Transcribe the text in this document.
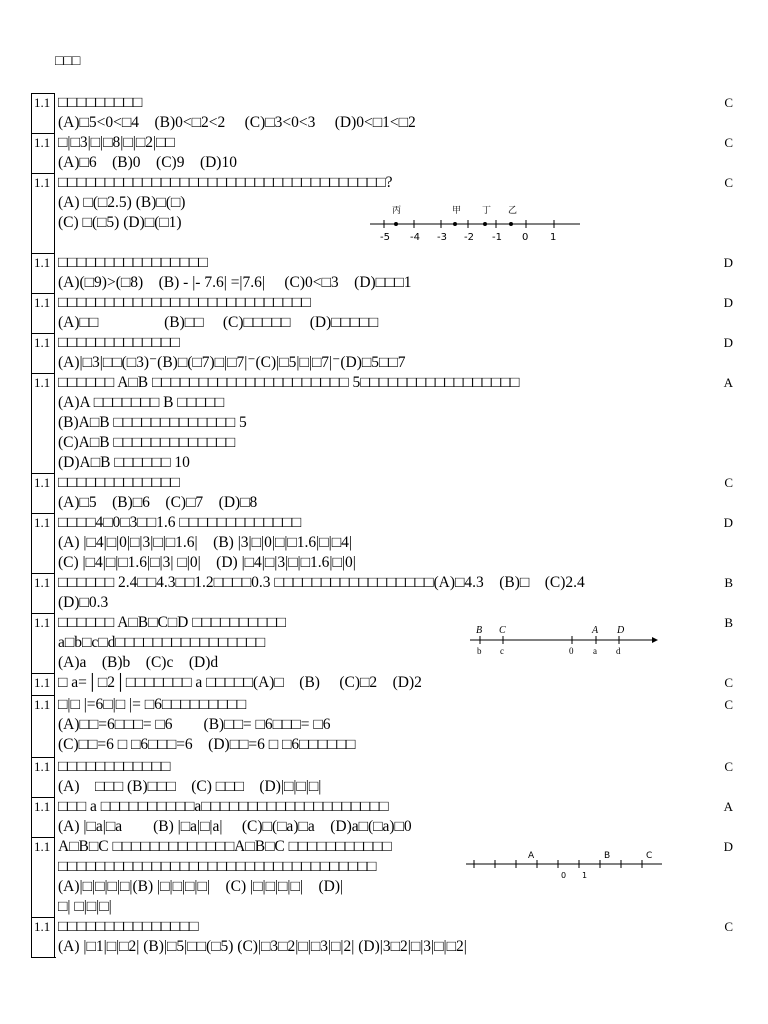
□□□
1.1 □□□□□□□□□
(A)□5<0<□4　(B)0<□2<2　 (C)□3<0<3　 (D)0<□1<□2
C
1.1 □|□3|□|□8|□|□2|□□
(A)□6　(B)0　(C)9　(D)10
C
1.1 □□□□□□□□□□□□□□□□□□□□□□□□□□□□□□□□□□□?
(A) □(□2.5) (B)□(□)
(C) □(□5) (D)□(□1)
C
1.1 □□□□□□□□□□□□□□□□
(A)(□9)>(□8)　(B) - |- 7.6| =|7.6|　 (C)0<□3　(D)□□□1
D
1.1 □□□□□□□□□□□□□□□□□□□□□□□□□□□
(A)□□　　　　 (B)□□　 (C)□□□□□　 (D)□□□□□
D
1.1 □□□□□□□□□□□□□
(A)|□3|□□(□3)⁻(B)□(□7)□|□7|⁻(C)|□5|□|□7|⁻(D)□5□□7
D
1.1 □□□□□□ A□B □□□□□□□□□□□□□□□□□□□□□ 5□□□□□□□□□□□□□□□□□
(A)A □□□□□□□ B □□□□□
(B)A□B □□□□□□□□□□□□□ 5
(C)A□B □□□□□□□□□□□□□
(D)A□B □□□□□□ 10
A
1.1 □□□□□□□□□□□□□
(A)□5　(B)□6　(C)□7　(D)□8
C
1.1 □□□□4□0□3□□1.6 □□□□□□□□□□□□□
(A) |□4|□|0|□|3|□|□1.6|　(B) |3|□|0|□|□1.6|□|□4|
(C) |□4|□|□1.6|□|3| □|0|　(D) |□4|□|3|□|□1.6|□|0|
D
1.1 □□□□□□ 2.4□□4.3□□1.2□□□□0.3 □□□□□□□□□□□□□□□□□(A)□4.3　(B)□　(C)2.4
(D)□0.3
B
1.1 □□□□□□ A□B□C□D □□□□□□□□□□
a□b□c□d□□□□□□□□□□□□□□□□
(A)a　(B)b　(C)c　(D)d
B
1.1 □ a=│□2│□□□□□□□ a □□□□□(A)□　(B)　 (C)□2　(D)2	C
1.1 □|□ |=6□|□ |= □6□□□□□□□□□
(A)□□=6□□□= □6　　(B)□□= □6□□□= □6
(C)□□=6 □ □6□□□=6　(D)□□=6 □ □6□□□□□□
C
1.1 □□□□□□□□□□□□
(A)　□□□ (B)□□□　(C) □□□　(D)|□|□|□|
C
1.1 □□□ a □□□□□□□□□□a□□□□□□□□□□□□□□□□□□□□
(A) |□a|□a　　(B) |□a|□|a|　 (C)□(□a)□a　(D)a□(□a)□0
A
1.1 A□B□C □□□□□□□□□□□□□A□B□C □□□□□□□□□□□
□□□□□□□□□□□□□□□□□□□□□□□□□□□□□□□□□□
(A)|□|□|□|□|(B) |□|□|□|□|　(C) |□|□|□|□|　(D)|
□| □|□|□|
D
1.1 □□□□□□□□□□□□□□□
(A) |□1|□|□2| (B)|□5|□□(□5) (C)|□3□2|□|□3|□|2| (D)|3□2|□|3|□|□2|
C
丙	甲 丁 乙
-5 -4 -3 -2 -1 0 1
B C	A D
b c	0 a d
A	B	C
0 1
